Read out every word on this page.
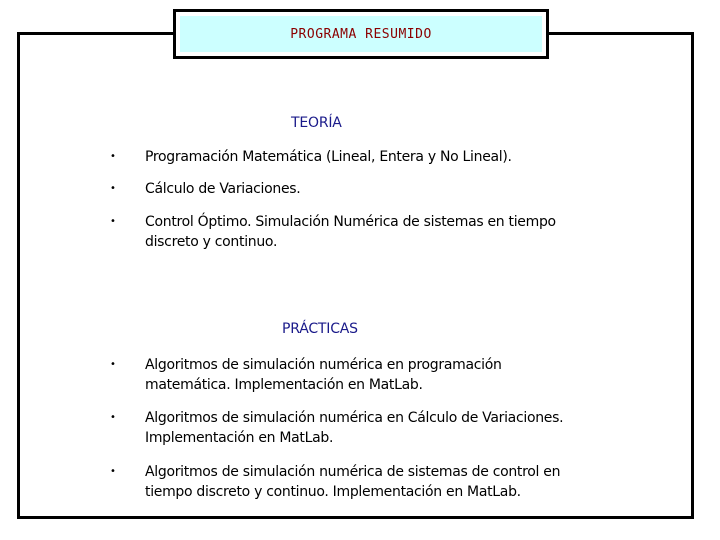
PROGRAMA RESUMIDO
TEORÍA
•	Programación Matemática (Lineal, Entera y No Lineal).
•	Cálculo de Variaciones.
•	Control Óptimo. Simulación Numérica de sistemas en tiempo discreto y continuo.
PRÁCTICAS
•	Algoritmos de simulación numérica en programación matemática. Implementación en MatLab.
•	Algoritmos de simulación numérica en Cálculo de Variaciones. Implementación en MatLab.
•	Algoritmos de simulación numérica de sistemas de control en tiempo discreto y continuo. Implementación en MatLab.
